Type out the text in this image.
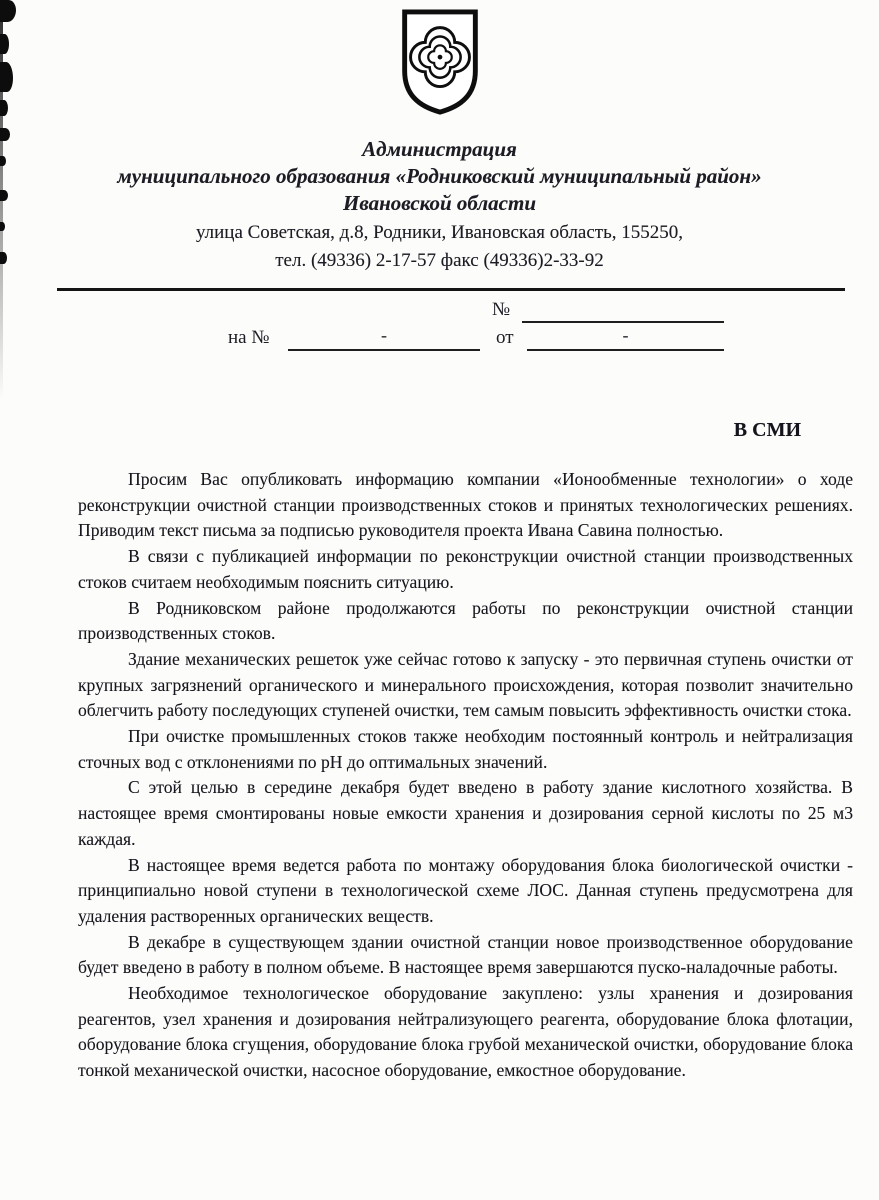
Администрация
муниципального образования «Родниковский муниципальный район»
Ивановской области
улица Советская, д.8, Родники, Ивановская область, 155250,
тел. (49336) 2-17-57 факс (49336)2-33-92
№
на №	-	от	-
В СМИ

Просим Вас опубликовать информацию компании «Ионообменные технологии» о ходе реконструкции очистной станции производственных стоков и принятых технологических решениях. Приводим текст письма за подписью руководителя проекта Ивана Савина полностью.

В связи с публикацией информации по реконструкции очистной станции производственных стоков считаем необходимым пояснить ситуацию.

В Родниковском районе продолжаются работы по реконструкции очистной станции производственных стоков.

Здание механических решеток уже сейчас готово к запуску - это первичная ступень очистки от крупных загрязнений органического и минерального происхождения, которая позволит значительно облегчить работу последующих ступеней очистки, тем самым повысить эффективность очистки стока.

При очистке промышленных стоков также необходим постоянный контроль и нейтрализация сточных вод с отклонениями по рН до оптимальных значений.

С этой целью в середине декабря будет введено в работу здание кислотного хозяйства. В настоящее время смонтированы новые емкости хранения и дозирования серной кислоты по 25 м3 каждая.

В настоящее время ведется работа по монтажу оборудования блока биологической очистки - принципиально новой ступени в технологической схеме ЛОС. Данная ступень предусмотрена для удаления растворенных органических веществ.

В декабре в существующем здании очистной станции новое производственное оборудование будет введено в работу в полном объеме. В настоящее время завершаются пуско-наладочные работы.

Необходимое технологическое оборудование закуплено: узлы хранения и дозирования реагентов, узел хранения и дозирования нейтрализующего реагента, оборудование блока флотации, оборудование блока сгущения, оборудование блока грубой механической очистки, оборудование блока тонкой механической очистки, насосное оборудование, емкостное оборудование.
